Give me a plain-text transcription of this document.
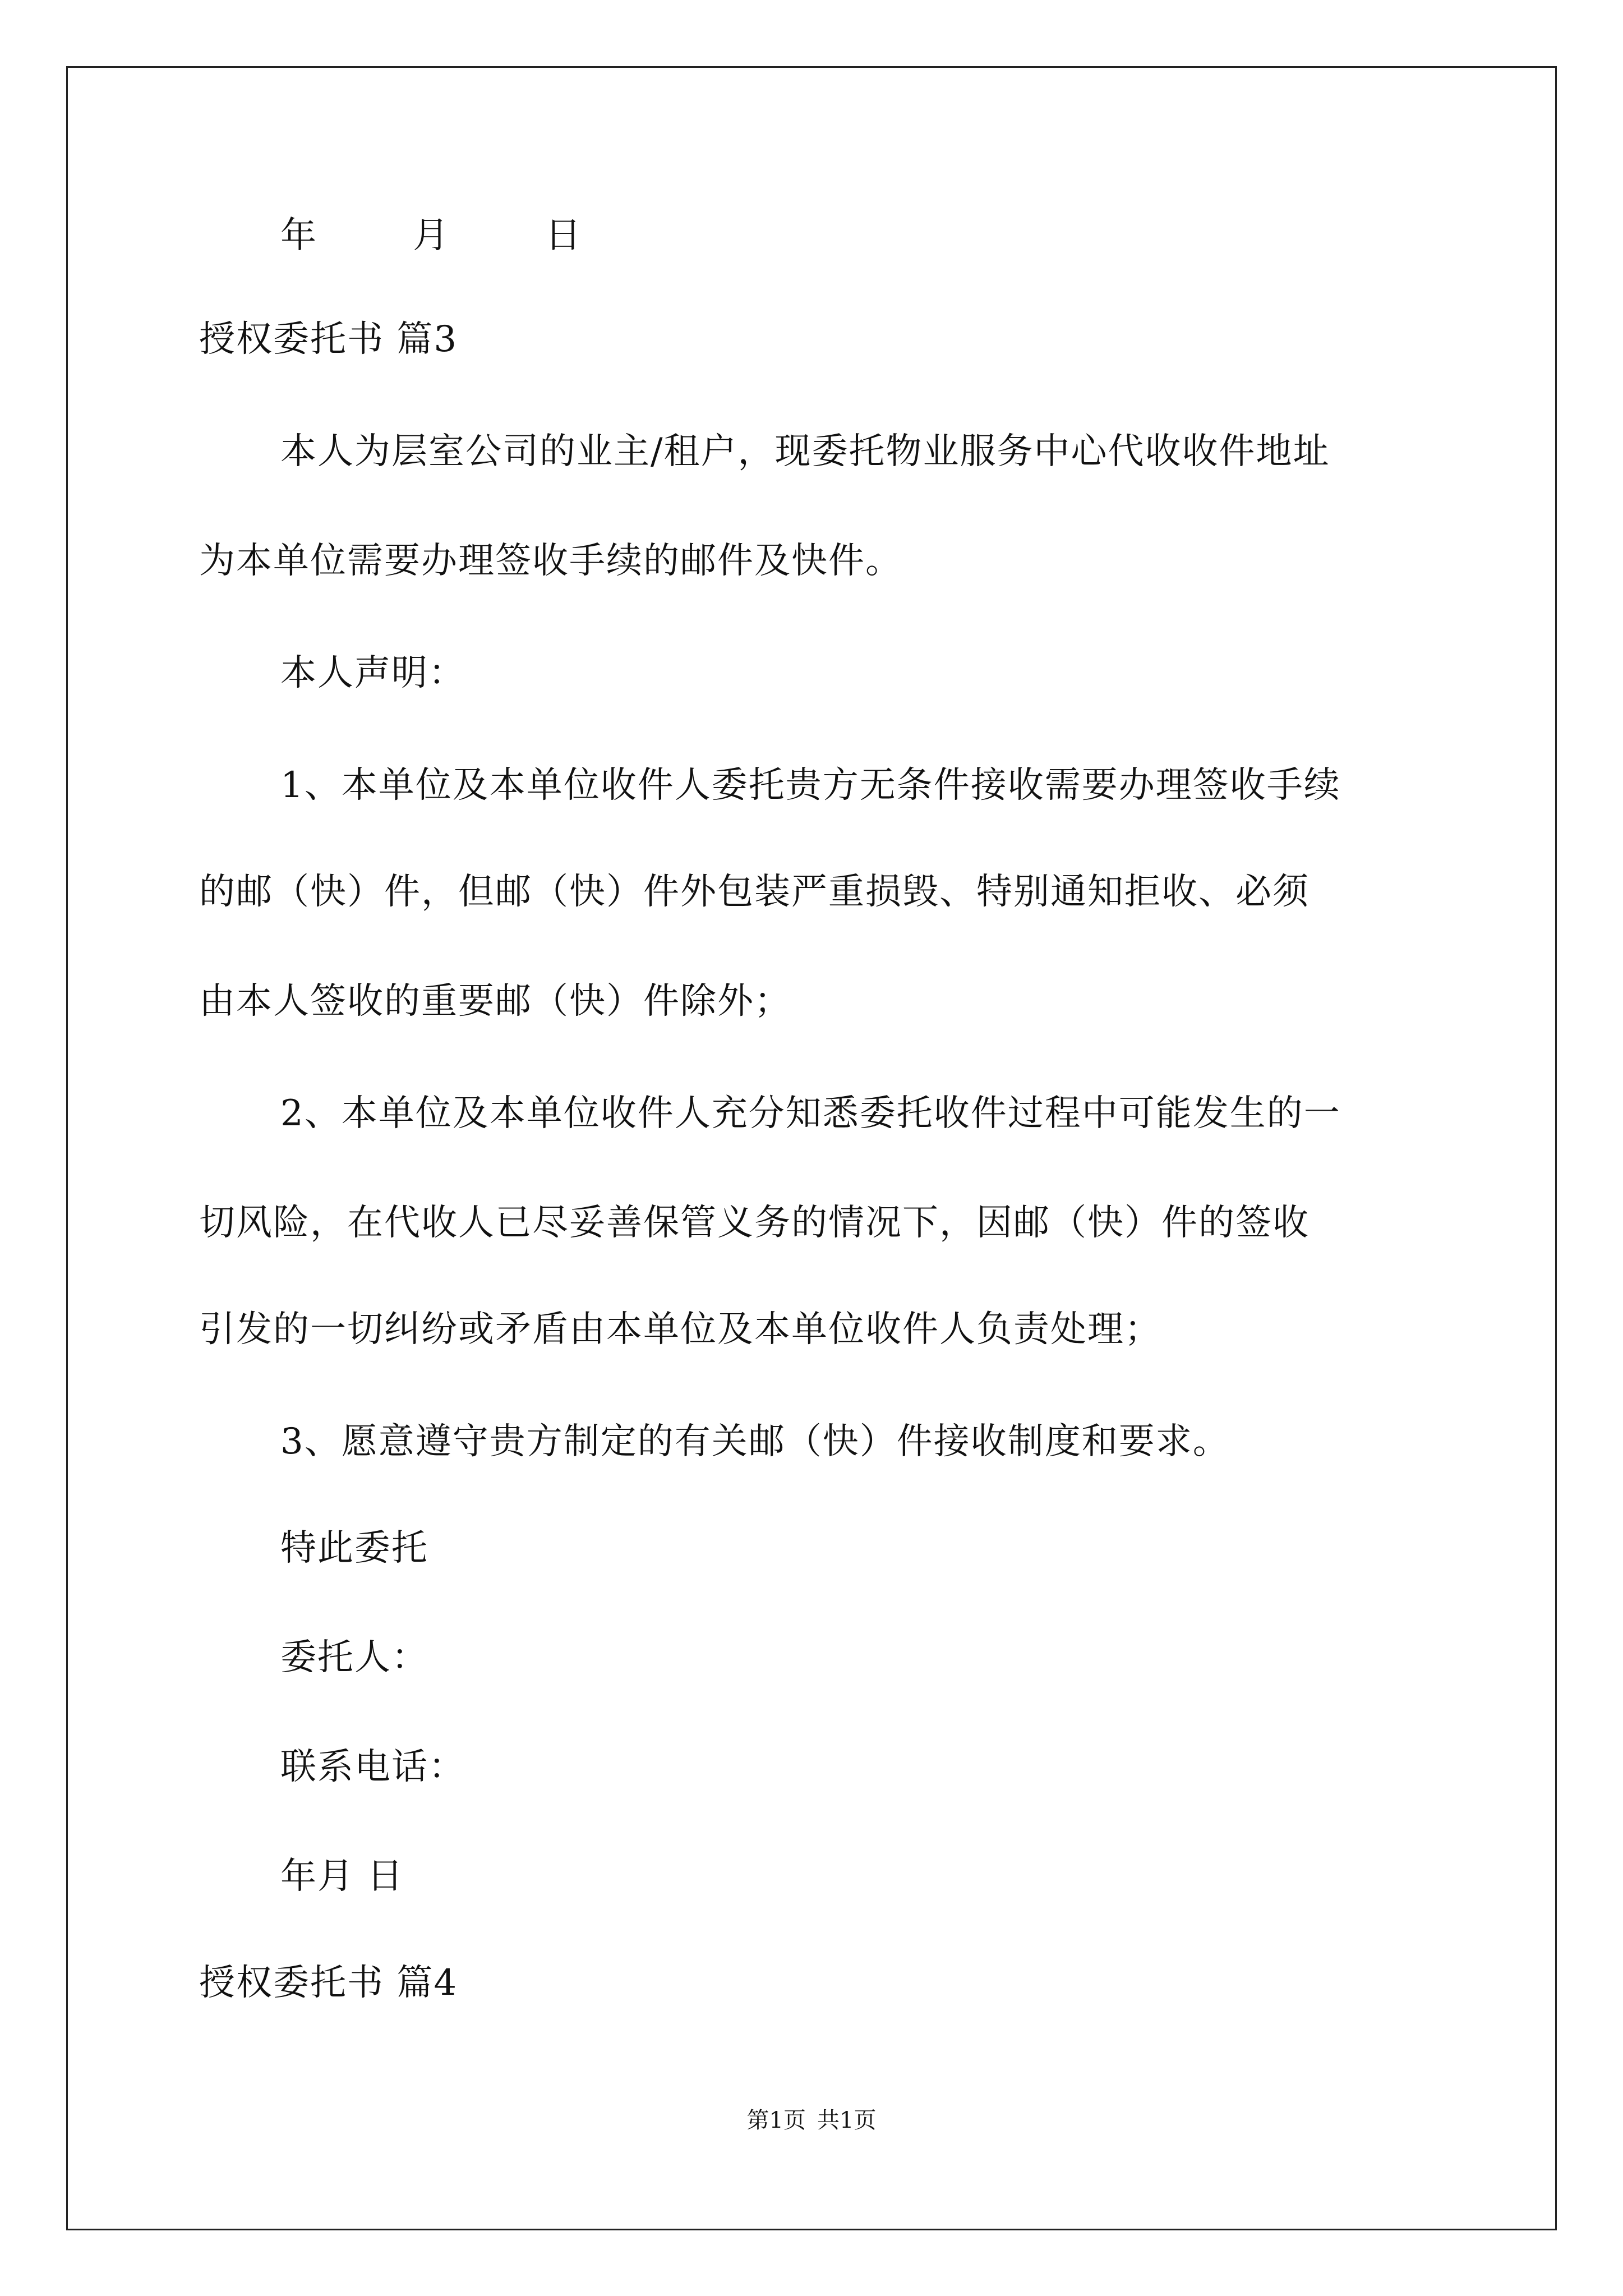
年	月	日
授权委托书 篇3
本人为层室公司的业主/租户，现委托物业服务中心代收收件地址
为本单位需要办理签收手续的邮件及快件。
本人声明：
1、本单位及本单位收件人委托贵方无条件接收需要办理签收手续
的邮（快）件，但邮（快）件外包装严重损毁、特别通知拒收、必须
由本人签收的重要邮（快）件除外；
2、本单位及本单位收件人充分知悉委托收件过程中可能发生的一
切风险，在代收人已尽妥善保管义务的情况下，因邮（快）件的签收
引发的一切纠纷或矛盾由本单位及本单位收件人负责处理；
3、愿意遵守贵方制定的有关邮（快）件接收制度和要求。
特此委托
委托人：
联系电话：
年月 日
授权委托书 篇4
第1页 共1页
